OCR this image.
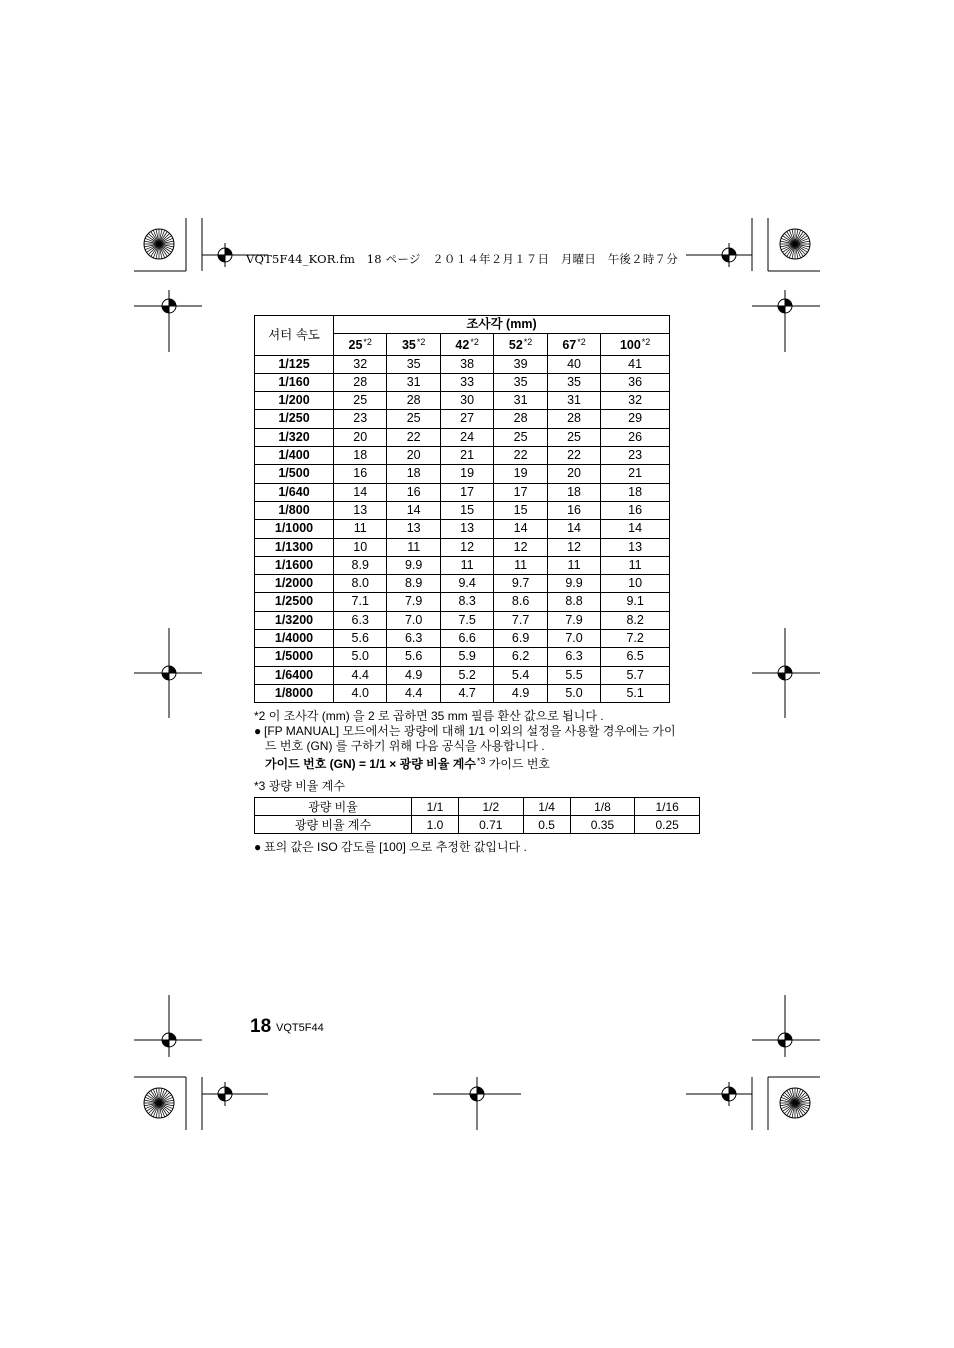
VQT5F44_KOR.fm　18 ページ　２０１４年２月１７日　月曜日　午後２時７分
셔터 속도	조사각 (mm)					
	25$^{*2}$	35$^{*2}$	42$^{*2}$	52$^{*2}$	67$^{*2}$	100$^{*2}$
1/125	32	35	38	39	40	41
1/160	28	31	33	35	35	36
1/200	25	28	30	31	31	32
1/250	23	25	27	28	28	29
1/320	20	22	24	25	25	26
1/400	18	20	21	22	22	23
1/500	16	18	19	19	20	21
1/640	14	16	17	17	18	18
1/800	13	14	15	15	16	16
1/1000	11	13	13	14	14	14
1/1300	10	11	12	12	12	13
1/1600	8.9	9.9	11	11	11	11
1/2000	8.0	8.9	9.4	9.7	9.9	10
1/2500	7.1	7.9	8.3	8.6	8.8	9.1
1/3200	6.3	7.0	7.5	7.7	7.9	8.2
1/4000	5.6	6.3	6.6	6.9	7.0	7.2
1/5000	5.0	5.6	5.9	6.2	6.3	6.5
1/6400	4.4	4.9	5.2	5.4	5.5	5.7
1/8000	4.0	4.4	4.7	4.9	5.0	5.1
*2 이 조사각 (mm) 을 2 로 곱하면 35 mm 필름 환산 값으로 됩니다 .
● [FP MANUAL] 모드에서는 광량에 대해 1/1 이외의 설정을 사용할 경우에는 가이
드 번호 (GN) 를 구하기 위해 다음 공식을 사용합니다 .
가이드 번호 (GN) = 1/1 × 광량 비율 계수$^{*3}$ 가이드 번호
*3 광량 비율 계수
광량 비율	1/1	1/2	1/4	1/8	1/16
광량 비율 계수	1.0	0.71	0.5	0.35	0.25
● 표의 값은 ISO 감도를 [100] 으로 추정한 값입니다 .
18 VQT5F44
